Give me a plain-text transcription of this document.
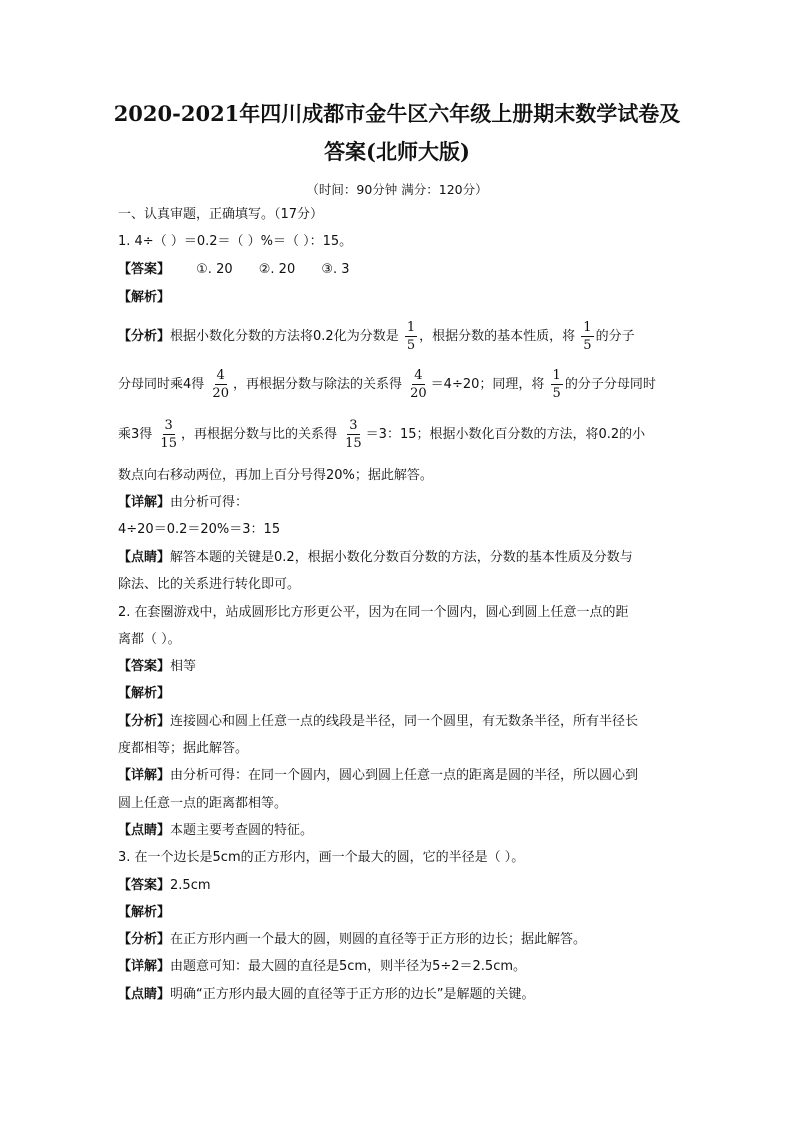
2020-2021年四川成都市金牛区六年级上册期末数学试卷及
答案(北师大版)
（时间：90分钟 满分：120分）
一、认真审题，正确填写。（17分）
1. 4÷（ ）＝0.2＝（ ）%＝（ ）：15。
【答案】 ①. 20 ②. 20 ③. 3
【解析】
【分析】根据小数化分数的方法将0.2化为分数是 $\frac{1}{5}$ ，根据分数的基本性质，将 $\frac{1}{5}$ 的分子
分母同时乘4得 $\frac{4}{20}$ ，再根据分数与除法的关系得 $\frac{4}{20} =4\div 20$；同理，将 $\frac{1}{5}$ 的分子分母同时
乘3得 $\frac{3}{15}$ ，再根据分数与比的关系得 $\frac{3}{15} =3$：15；根据小数化百分数的方法，将0.2的小
数点向右移动两位，再加上百分号得20%；据此解答。
【详解】由分析可得：
4÷20＝0.2＝20%＝3：15
【点睛】解答本题的关键是0.2，根据小数化分数百分数的方法，分数的基本性质及分数与
除法、比的关系进行转化即可。
2. 在套圈游戏中，站成圆形比方形更公平，因为在同一个圆内，圆心到圆上任意一点的距
离都（ ）。
【答案】相等
【解析】
【分析】连接圆心和圆上任意一点的线段是半径，同一个圆里，有无数条半径，所有半径长
度都相等；据此解答。
【详解】由分析可得：在同一个圆内，圆心到圆上任意一点的距离是圆的半径，所以圆心到
圆上任意一点的距离都相等。
【点睛】本题主要考查圆的特征。
3. 在一个边长是5cm的正方形内，画一个最大的圆，它的半径是（ ）。
【答案】2.5cm
【解析】
【分析】在正方形内画一个最大的圆，则圆的直径等于正方形的边长；据此解答。
【详解】由题意可知：最大圆的直径是5cm，则半径为5÷2＝2.5cm。
【点睛】明确“正方形内最大圆的直径等于正方形的边长”是解题的关键。
